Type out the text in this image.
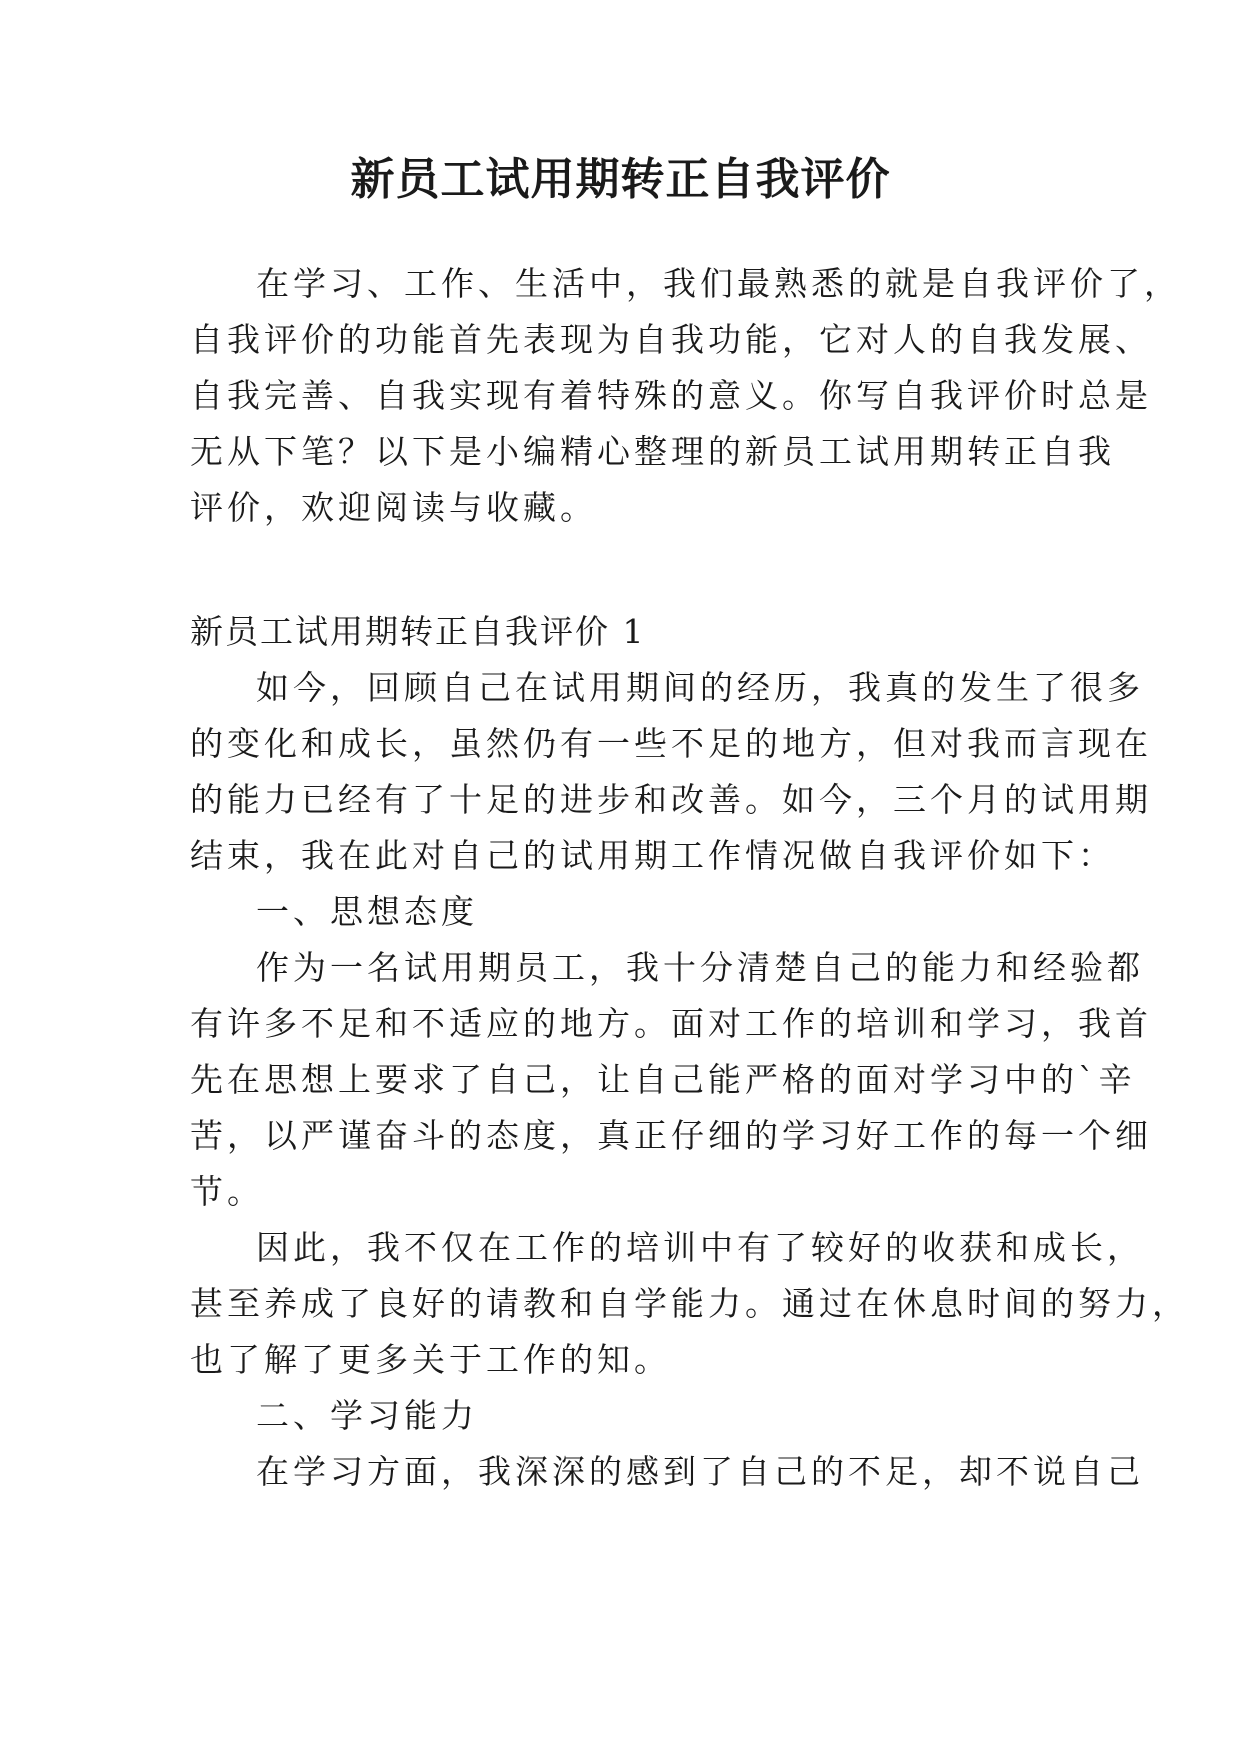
新员工试用期转正自我评价
在学习、工作、生活中，我们最熟悉的就是自我评价了，
自我评价的功能首先表现为自我功能，它对人的自我发展、
自我完善、自我实现有着特殊的意义。你写自我评价时总是
无从下笔？以下是小编精心整理的新员工试用期转正自我
评价，欢迎阅读与收藏。
新员工试用期转正自我评价 1
如今，回顾自己在试用期间的经历，我真的发生了很多
的变化和成长，虽然仍有一些不足的地方，但对我而言现在
的能力已经有了十足的进步和改善。如今，三个月的试用期
结束，我在此对自己的试用期工作情况做自我评价如下：
一、思想态度
作为一名试用期员工，我十分清楚自己的能力和经验都
有许多不足和不适应的地方。面对工作的培训和学习，我首
先在思想上要求了自己，让自己能严格的面对学习中的`辛
苦，以严谨奋斗的态度，真正仔细的学习好工作的每一个细
节。
因此，我不仅在工作的培训中有了较好的收获和成长，
甚至养成了良好的请教和自学能力。通过在休息时间的努力，
也了解了更多关于工作的知。
二、学习能力
在学习方面，我深深的感到了自己的不足，却不说自己
